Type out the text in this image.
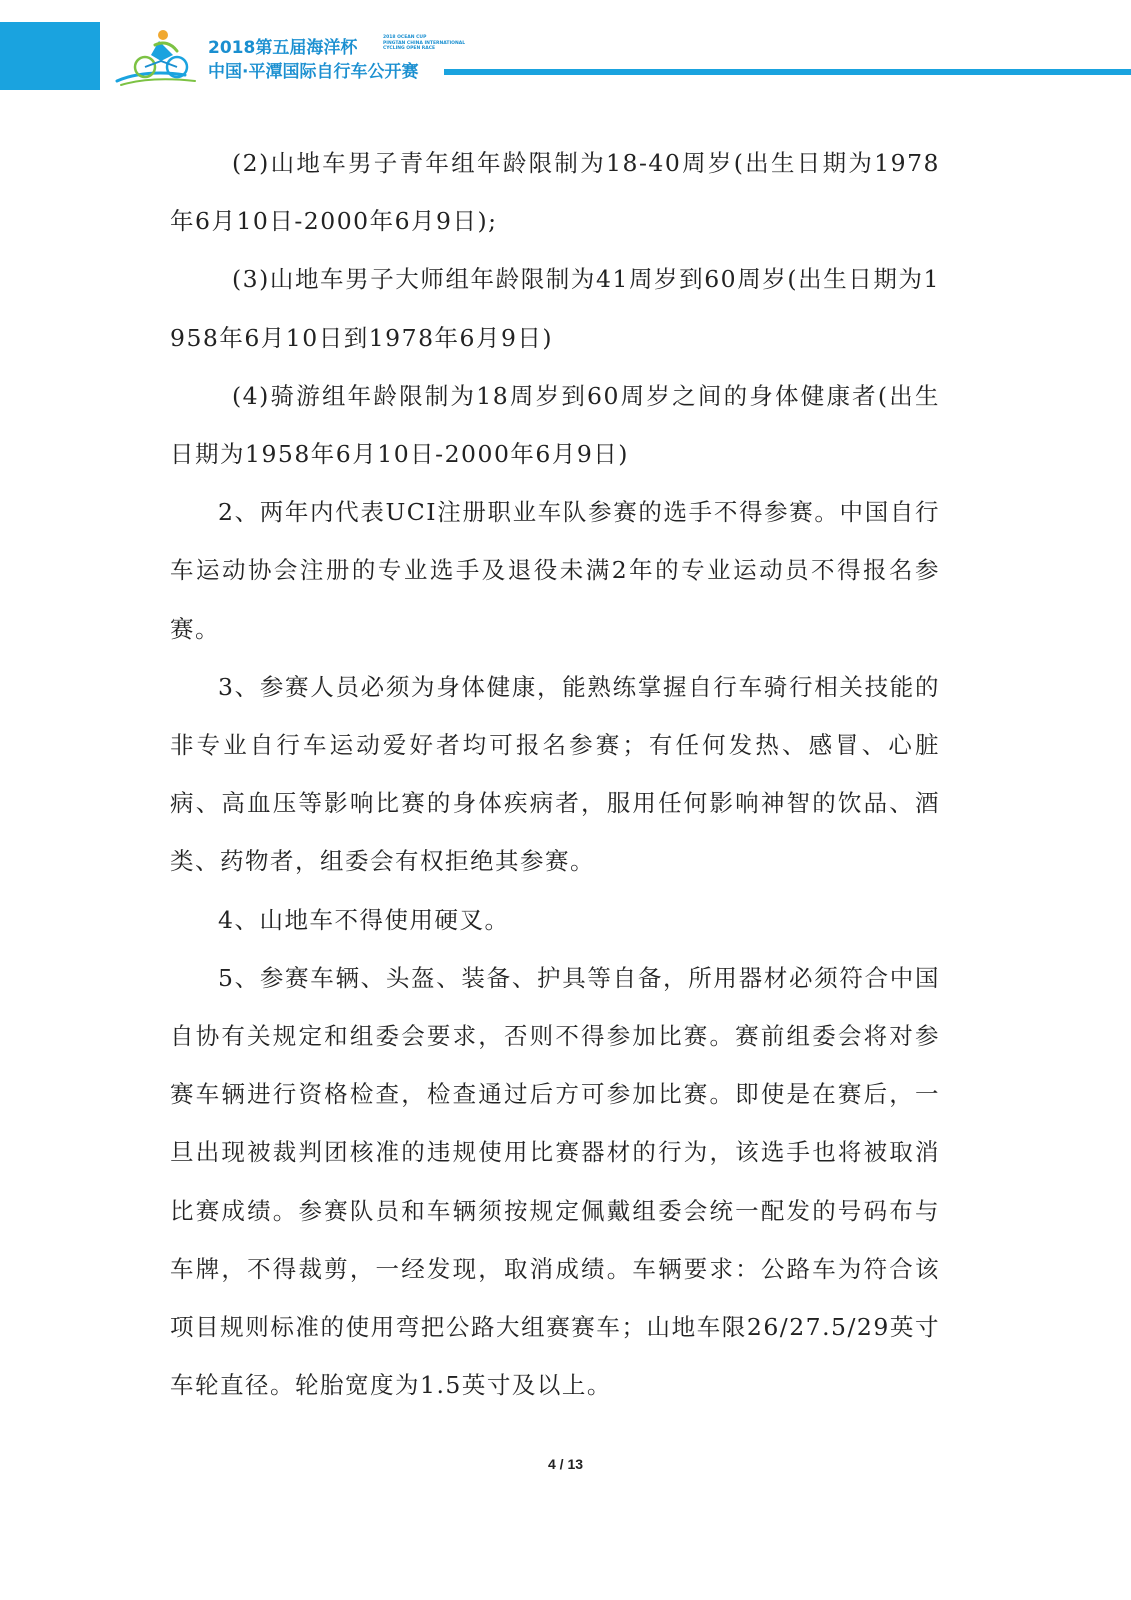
2018第五届海洋杯
中国·平潭国际自行车公开赛
2018 OCEAN CUP
PINGTAN CHINA INTERNATIONAL
CYCLING OPEN RACE

(2)山地车男子青年组年龄限制为18-40周岁(出生日期为1978年6月10日-2000年6月9日);

(3)山地车男子大师组年龄限制为41周岁到60周岁(出生日期为1958年6月10日到1978年6月9日)

(4)骑游组年龄限制为18周岁到60周岁之间的身体健康者(出生日期为1958年6月10日-2000年6月9日)

2、两年内代表UCI注册职业车队参赛的选手不得参赛。中国自行车运动协会注册的专业选手及退役未满2年的专业运动员不得报名参赛。

3、参赛人员必须为身体健康，能熟练掌握自行车骑行相关技能的非专业自行车运动爱好者均可报名参赛；有任何发热、感冒、心脏病、高血压等影响比赛的身体疾病者，服用任何影响神智的饮品、酒类、药物者，组委会有权拒绝其参赛。

4、山地车不得使用硬叉。

5、参赛车辆、头盔、装备、护具等自备，所用器材必须符合中国自协有关规定和组委会要求，否则不得参加比赛。赛前组委会将对参赛车辆进行资格检查，检查通过后方可参加比赛。即使是在赛后，一旦出现被裁判团核准的违规使用比赛器材的行为，该选手也将被取消比赛成绩。参赛队员和车辆须按规定佩戴组委会统一配发的号码布与车牌，不得裁剪，一经发现，取消成绩。车辆要求：公路车为符合该项目规则标准的使用弯把公路大组赛赛车；山地车限26/27.5/29英寸车轮直径。轮胎宽度为1.5英寸及以上。

4 / 13
